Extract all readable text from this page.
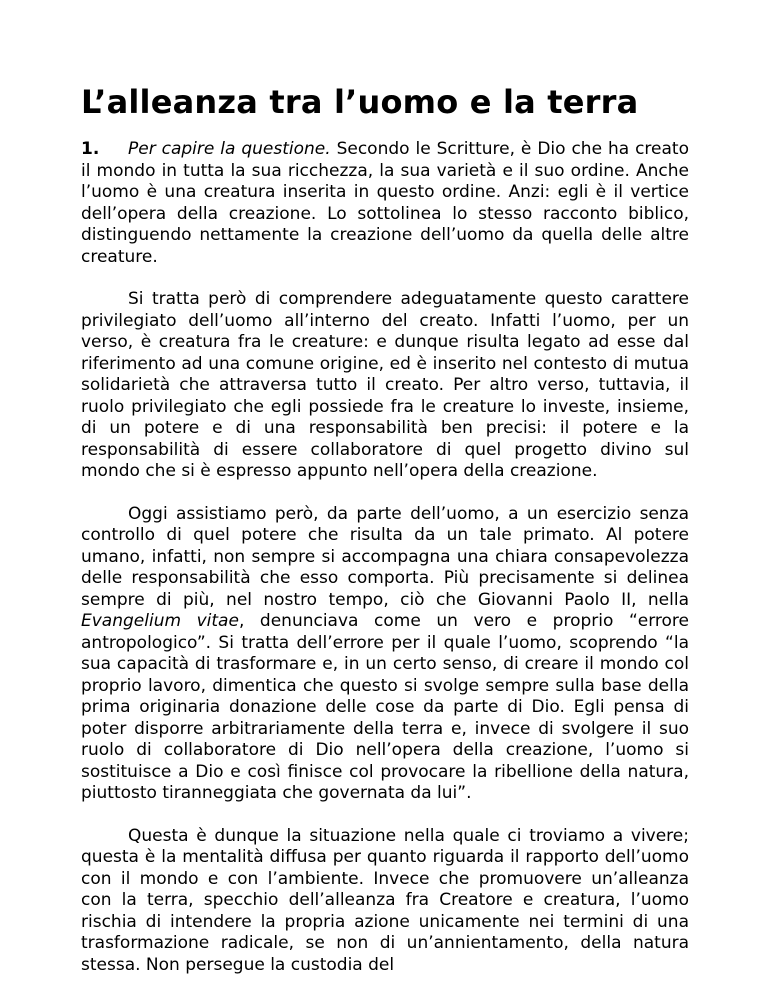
L’alleanza tra l’uomo e la terra

1. Per capire la questione. Secondo le Scritture, è Dio che ha creato il mondo in tutta la sua ricchezza, la sua varietà e il suo ordine. Anche l’uomo è una creatura inserita in questo ordine. Anzi: egli è il vertice dell’opera della creazione. Lo sottolinea lo stesso racconto biblico, distinguendo nettamente la creazione dell’uomo da quella delle altre creature.

Si tratta però di comprendere adeguatamente questo carattere privilegiato dell’uomo all’interno del creato. Infatti l’uomo, per un verso, è creatura fra le creature: e dunque risulta legato ad esse dal riferimento ad una comune origine, ed è inserito nel contesto di mutua solidarietà che attraversa tutto il creato. Per altro verso, tuttavia, il ruolo privilegiato che egli possiede fra le creature lo investe, insieme, di un potere e di una responsabilità ben precisi: il potere e la responsabilità di essere collaboratore di quel progetto divino sul mondo che si è espresso appunto nell’opera della creazione.

Oggi assistiamo però, da parte dell’uomo, a un esercizio senza controllo di quel potere che risulta da un tale primato. Al potere umano, infatti, non sempre si accompagna una chiara consapevolezza delle responsabilità che esso comporta. Più precisamente si delinea sempre di più, nel nostro tempo, ciò che Giovanni Paolo II, nella Evangelium vitae, denunciava come un vero e proprio “errore antropologico”. Si tratta dell’errore per il quale l’uomo, scoprendo “la sua capacità di trasformare e, in un certo senso, di creare il mondo col proprio lavoro, dimentica che questo si svolge sempre sulla base della prima originaria donazione delle cose da parte di Dio. Egli pensa di poter disporre arbitrariamente della terra e, invece di svolgere il suo ruolo di collaboratore di Dio nell’opera della creazione, l’uomo si sostituisce a Dio e così finisce col provocare la ribellione della natura, piuttosto tiranneggiata che governata da lui”.

Questa è dunque la situazione nella quale ci troviamo a vivere; questa è la mentalità diffusa per quanto riguarda il rapporto dell’uomo con il mondo e con l’ambiente. Invece che promuovere un’alleanza con la terra, specchio dell’alleanza fra Creatore e creatura, l’uomo rischia di intendere la propria azione unicamente nei termini di una trasformazione radicale, se non di un’annientamento, della natura stessa. Non persegue la custodia del
